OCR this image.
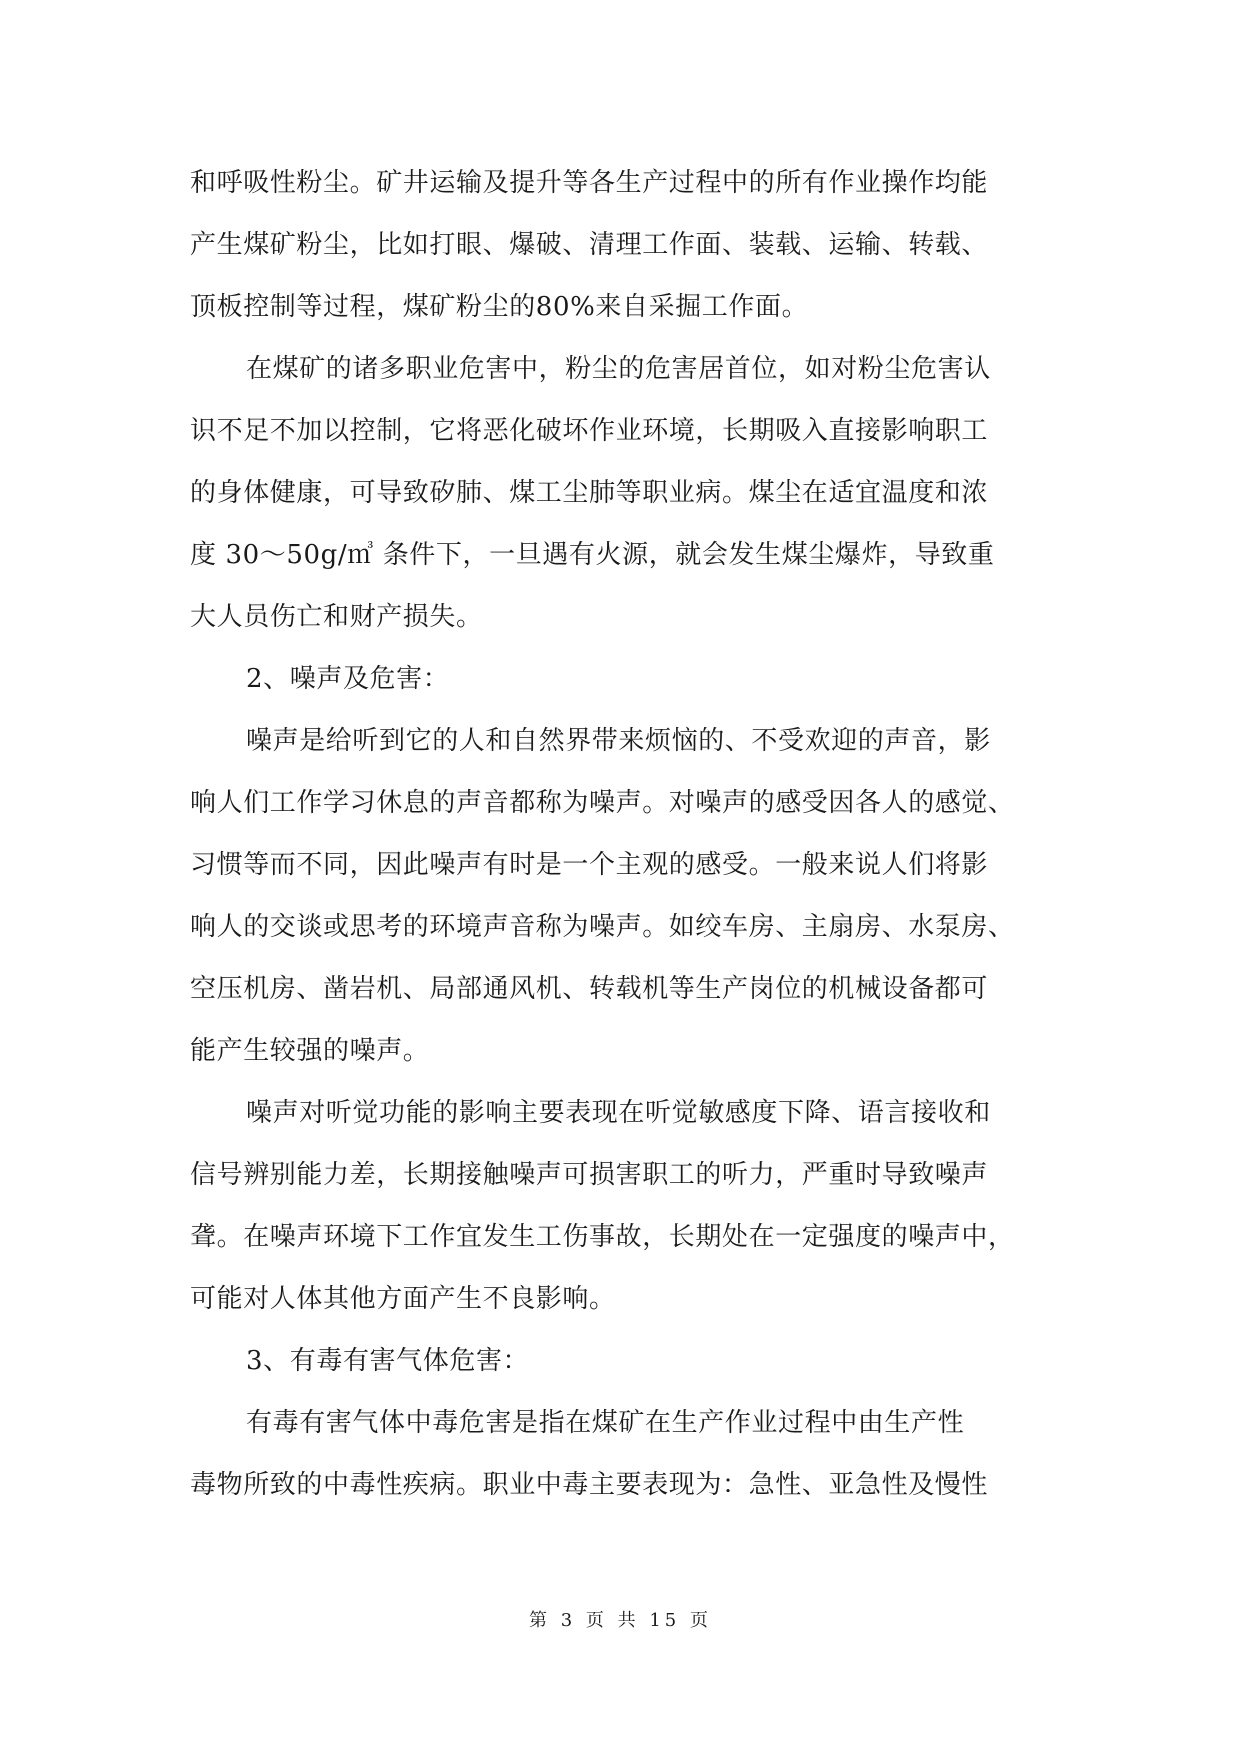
和呼吸性粉尘。矿井运输及提升等各生产过程中的所有作业操作均能
产生煤矿粉尘，比如打眼、爆破、清理工作面、装载、运输、转载、
顶板控制等过程，煤矿粉尘的80%来自采掘工作面。
在煤矿的诸多职业危害中，粉尘的危害居首位，如对粉尘危害认
识不足不加以控制，它将恶化破坏作业环境，长期吸入直接影响职工
的身体健康，可导致矽肺、煤工尘肺等职业病。煤尘在适宜温度和浓
度 30～50g/㎥ 条件下，一旦遇有火源，就会发生煤尘爆炸，导致重
大人员伤亡和财产损失。
2、噪声及危害：
噪声是给听到它的人和自然界带来烦恼的、不受欢迎的声音，影
响人们工作学习休息的声音都称为噪声。对噪声的感受因各人的感觉、
习惯等而不同，因此噪声有时是一个主观的感受。一般来说人们将影
响人的交谈或思考的环境声音称为噪声。如绞车房、主扇房、水泵房、
空压机房、凿岩机、局部通风机、转载机等生产岗位的机械设备都可
能产生较强的噪声。
噪声对听觉功能的影响主要表现在听觉敏感度下降、语言接收和
信号辨别能力差，长期接触噪声可损害职工的听力，严重时导致噪声
聋。在噪声环境下工作宜发生工伤事故，长期处在一定强度的噪声中，
可能对人体其他方面产生不良影响。
3、有毒有害气体危害：
有毒有害气体中毒危害是指在煤矿在生产作业过程中由生产性
毒物所致的中毒性疾病。职业中毒主要表现为：急性、亚急性及慢性
第 3 页 共 15 页
